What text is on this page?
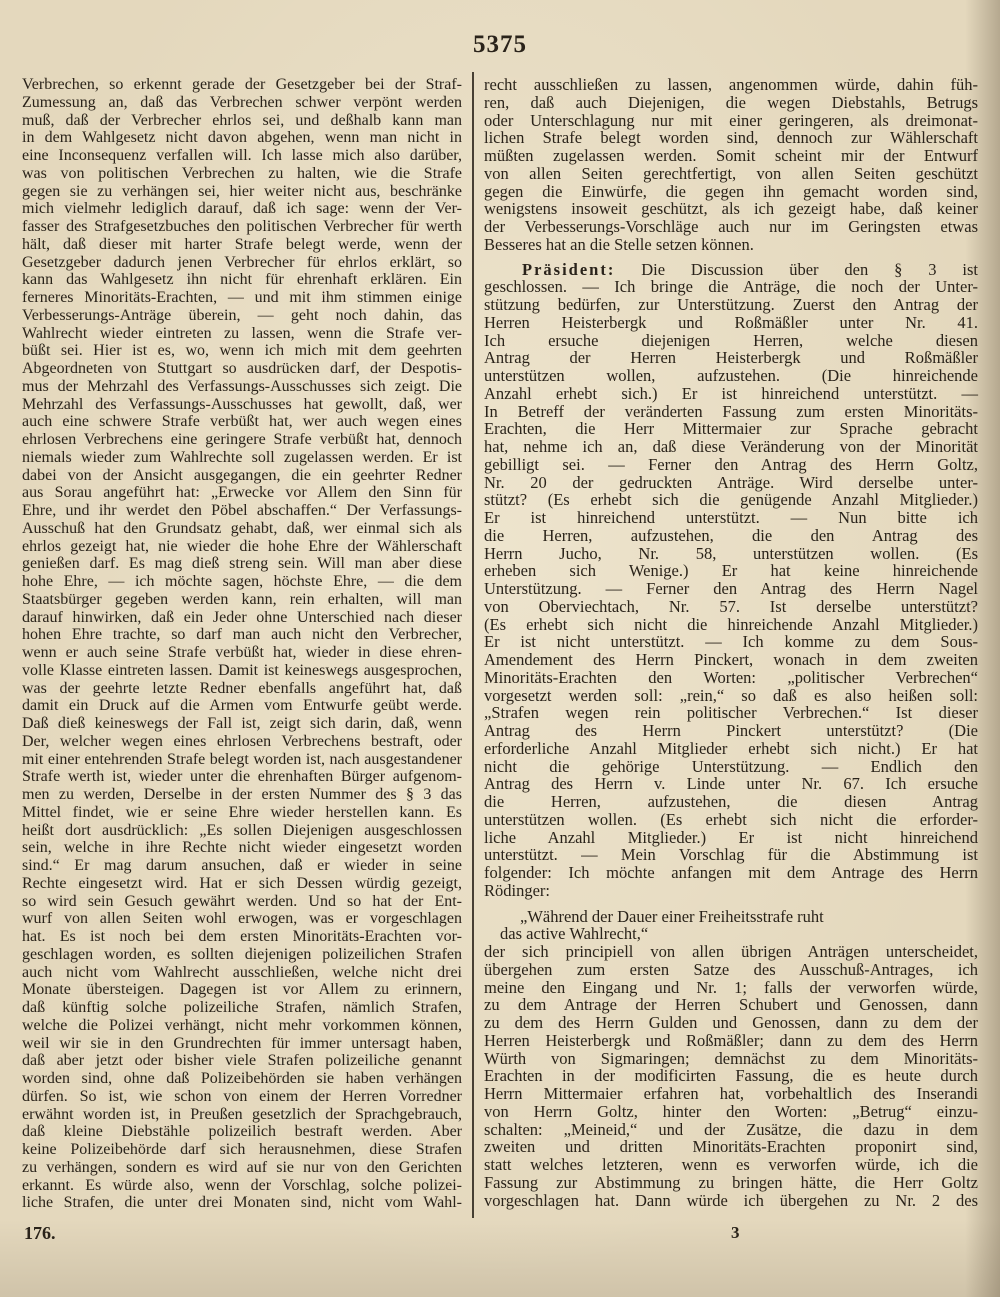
5375
Verbrechen, so erkennt gerade der Gesetzgeber bei der Straf-
Zumessung an, daß das Verbrechen schwer verpönt werden
muß, daß der Verbrecher ehrlos sei, und deßhalb kann man
in dem Wahlgesetz nicht davon abgehen, wenn man nicht in
eine Inconsequenz verfallen will. Ich lasse mich also darüber,
was von politischen Verbrechen zu halten, wie die Strafe
gegen sie zu verhängen sei, hier weiter nicht aus, beschränke
mich vielmehr lediglich darauf, daß ich sage: wenn der Ver-
fasser des Strafgesetzbuches den politischen Verbrecher für werth
hält, daß dieser mit harter Strafe belegt werde, wenn der
Gesetzgeber dadurch jenen Verbrecher für ehrlos erklärt, so
kann das Wahlgesetz ihn nicht für ehrenhaft erklären. Ein
ferneres Minoritäts-Erachten, — und mit ihm stimmen einige
Verbesserungs-Anträge überein, — geht noch dahin, das
Wahlrecht wieder eintreten zu lassen, wenn die Strafe ver-
büßt sei. Hier ist es, wo, wenn ich mich mit dem geehrten
Abgeordneten von Stuttgart so ausdrücken darf, der Despotis-
mus der Mehrzahl des Verfassungs-Ausschusses sich zeigt. Die
Mehrzahl des Verfassungs-Ausschusses hat gewollt, daß, wer
auch eine schwere Strafe verbüßt hat, wer auch wegen eines
ehrlosen Verbrechens eine geringere Strafe verbüßt hat, dennoch
niemals wieder zum Wahlrechte soll zugelassen werden. Er ist
dabei von der Ansicht ausgegangen, die ein geehrter Redner
aus Sorau angeführt hat: „Erwecke vor Allem den Sinn für
Ehre, und ihr werdet den Pöbel abschaffen.“ Der Verfassungs-
Ausschuß hat den Grundsatz gehabt, daß, wer einmal sich als
ehrlos gezeigt hat, nie wieder die hohe Ehre der Wählerschaft
genießen darf. Es mag dieß streng sein. Will man aber diese
hohe Ehre, — ich möchte sagen, höchste Ehre, — die dem
Staatsbürger gegeben werden kann, rein erhalten, will man
darauf hinwirken, daß ein Jeder ohne Unterschied nach dieser
hohen Ehre trachte, so darf man auch nicht den Verbrecher,
wenn er auch seine Strafe verbüßt hat, wieder in diese ehren-
volle Klasse eintreten lassen. Damit ist keineswegs ausgesprochen,
was der geehrte letzte Redner ebenfalls angeführt hat, daß
damit ein Druck auf die Armen vom Entwurfe geübt werde.
Daß dieß keineswegs der Fall ist, zeigt sich darin, daß, wenn
Der, welcher wegen eines ehrlosen Verbrechens bestraft, oder
mit einer entehrenden Strafe belegt worden ist, nach ausgestandener
Strafe werth ist, wieder unter die ehrenhaften Bürger aufgenom-
men zu werden, Derselbe in der ersten Nummer des § 3 das
Mittel findet, wie er seine Ehre wieder herstellen kann. Es
heißt dort ausdrücklich: „Es sollen Diejenigen ausgeschlossen
sein, welche in ihre Rechte nicht wieder eingesetzt worden
sind.“ Er mag darum ansuchen, daß er wieder in seine
Rechte eingesetzt wird. Hat er sich Dessen würdig gezeigt,
so wird sein Gesuch gewährt werden. Und so hat der Ent-
wurf von allen Seiten wohl erwogen, was er vorgeschlagen
hat. Es ist noch bei dem ersten Minoritäts-Erachten vor-
geschlagen worden, es sollten diejenigen polizeilichen Strafen
auch nicht vom Wahlrecht ausschließen, welche nicht drei
Monate übersteigen. Dagegen ist vor Allem zu erinnern,
daß künftig solche polizeiliche Strafen, nämlich Strafen,
welche die Polizei verhängt, nicht mehr vorkommen können,
weil wir sie in den Grundrechten für immer untersagt haben,
daß aber jetzt oder bisher viele Strafen polizeiliche genannt
worden sind, ohne daß Polizeibehörden sie haben verhängen
dürfen. So ist, wie schon von einem der Herren Vorredner
erwähnt worden ist, in Preußen gesetzlich der Sprachgebrauch,
daß kleine Diebstähle polizeilich bestraft werden. Aber
keine Polizeibehörde darf sich herausnehmen, diese Strafen
zu verhängen, sondern es wird auf sie nur von den Gerichten
erkannt. Es würde also, wenn der Vorschlag, solche polizei-
liche Strafen, die unter drei Monaten sind, nicht vom Wahl-
recht ausschließen zu lassen, angenommen würde, dahin füh-
ren, daß auch Diejenigen, die wegen Diebstahls, Betrugs
oder Unterschlagung nur mit einer geringeren, als dreimonat-
lichen Strafe belegt worden sind, dennoch zur Wählerschaft
müßten zugelassen werden. Somit scheint mir der Entwurf
von allen Seiten gerechtfertigt, von allen Seiten geschützt
gegen die Einwürfe, die gegen ihn gemacht worden sind,
wenigstens insoweit geschützt, als ich gezeigt habe, daß keiner
der Verbesserungs-Vorschläge auch nur im Geringsten etwas
Besseres hat an die Stelle setzen können.
Präsident: Die Discussion über den § 3 ist
geschlossen. — Ich bringe die Anträge, die noch der Unter-
stützung bedürfen, zur Unterstützung. Zuerst den Antrag der
Herren Heisterbergk und Roßmäßler unter Nr. 41.
Ich ersuche diejenigen Herren, welche diesen
Antrag der Herren Heisterbergk und Roßmäßler
unterstützen wollen, aufzustehen. (Die hinreichende
Anzahl erhebt sich.) Er ist hinreichend unterstützt. —
In Betreff der veränderten Fassung zum ersten Minoritäts-
Erachten, die Herr Mittermaier zur Sprache gebracht
hat, nehme ich an, daß diese Veränderung von der Minorität
gebilligt sei. — Ferner den Antrag des Herrn Goltz,
Nr. 20 der gedruckten Anträge. Wird derselbe unter-
stützt? (Es erhebt sich die genügende Anzahl Mitglieder.)
Er ist hinreichend unterstützt. — Nun bitte ich
die Herren, aufzustehen, die den Antrag des
Herrn Jucho, Nr. 58, unterstützen wollen. (Es
erheben sich Wenige.) Er hat keine hinreichende
Unterstützung. — Ferner den Antrag des Herrn Nagel
von Oberviechtach, Nr. 57. Ist derselbe unterstützt?
(Es erhebt sich nicht die hinreichende Anzahl Mitglieder.)
Er ist nicht unterstützt. — Ich komme zu dem Sous-
Amendement des Herrn Pinckert, wonach in dem zweiten
Minoritäts-Erachten den Worten: „politischer Verbrechen“
vorgesetzt werden soll: „rein,“ so daß es also heißen soll:
„Strafen wegen rein politischer Verbrechen.“ Ist dieser
Antrag des Herrn Pinckert unterstützt? (Die
erforderliche Anzahl Mitglieder erhebt sich nicht.) Er hat
nicht die gehörige Unterstützung. — Endlich den
Antrag des Herrn v. Linde unter Nr. 67. Ich ersuche
die Herren, aufzustehen, die diesen Antrag
unterstützen wollen. (Es erhebt sich nicht die erforder-
liche Anzahl Mitglieder.) Er ist nicht hinreichend
unterstützt. — Mein Vorschlag für die Abstimmung ist
folgender: Ich möchte anfangen mit dem Antrage des Herrn
Rödinger:
„Während der Dauer einer Freiheitsstrafe ruht
das active Wahlrecht,“
der sich principiell von allen übrigen Anträgen unterscheidet,
übergehen zum ersten Satze des Ausschuß-Antrages, ich
meine den Eingang und Nr. 1; falls der verworfen würde,
zu dem Antrage der Herren Schubert und Genossen, dann
zu dem des Herrn Gulden und Genossen, dann zu dem der
Herren Heisterbergk und Roßmäßler; dann zu dem des Herrn
Würth von Sigmaringen; demnächst zu dem Minoritäts-
Erachten in der modificirten Fassung, die es heute durch
Herrn Mittermaier erfahren hat, vorbehaltlich des Inserandi
von Herrn Goltz, hinter den Worten: „Betrug“ einzu-
schalten: „Meineid,“ und der Zusätze, die dazu in dem
zweiten und dritten Minoritäts-Erachten proponirt sind,
statt welches letzteren, wenn es verworfen würde, ich die
Fassung zur Abstimmung zu bringen hätte, die Herr Goltz
vorgeschlagen hat. Dann würde ich übergehen zu Nr. 2 des
176.	3
